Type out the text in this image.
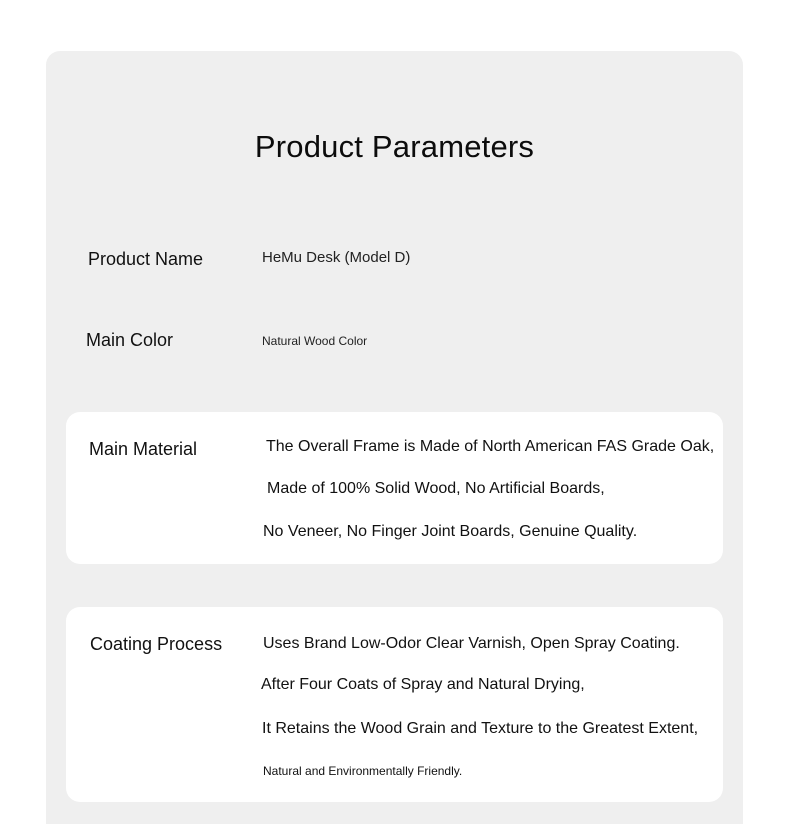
Product Parameters
Product Name	HeMu Desk (Model D)
Main Color	Natural Wood Color
Main Material	The Overall Frame is Made of North American FAS Grade Oak,
Made of 100% Solid Wood, No Artificial Boards,
No Veneer, No Finger Joint Boards, Genuine Quality.
Coating Process	Uses Brand Low-Odor Clear Varnish, Open Spray Coating.
After Four Coats of Spray and Natural Drying,
It Retains the Wood Grain and Texture to the Greatest Extent,
Natural and Environmentally Friendly.
